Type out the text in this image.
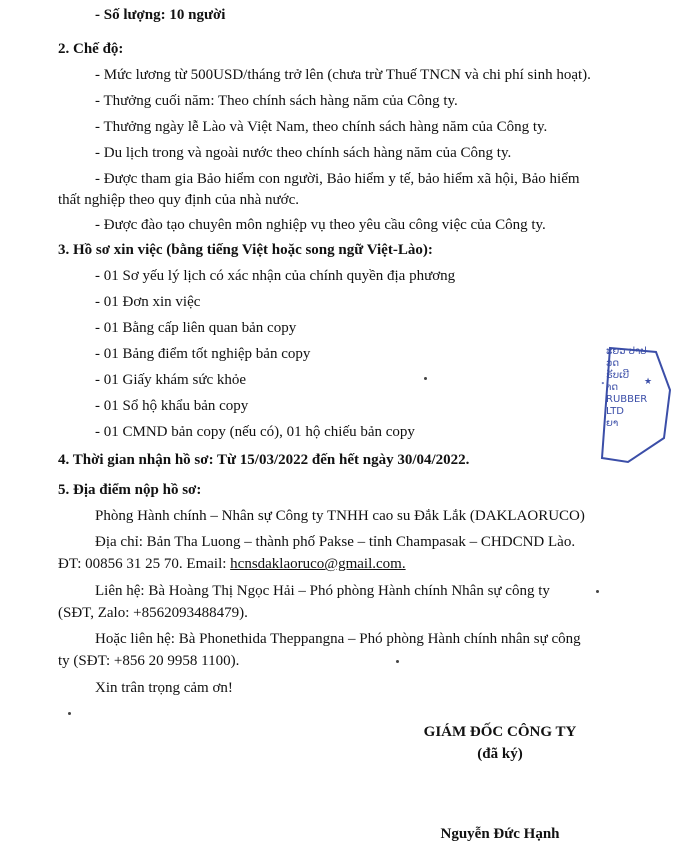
- Số lượng: 10 người
2. Chế độ:
- Mức lương từ 500USD/tháng trở lên (chưa trừ Thuế TNCN và chi phí sinh hoạt).
- Thưởng cuối năm: Theo chính sách hàng năm của Công ty.
- Thưởng ngày lễ Lào và Việt Nam, theo chính sách hàng năm của Công ty.
- Du lịch trong và ngoài nước theo chính sách hàng năm của Công ty.
- Được tham gia Bảo hiểm con người, Bảo hiểm y tế, bảo hiểm xã hội, Bảo hiểm
thất nghiệp theo quy định của nhà nước.
- Được đào tạo chuyên môn nghiệp vụ theo yêu cầu công việc của Công ty.
3. Hồ sơ xin việc (bằng tiếng Việt hoặc song ngữ Việt-Lào):
- 01 Sơ yếu lý lịch có xác nhận của chính quyền địa phương
- 01 Đơn xin việc
- 01 Bằng cấp liên quan bản copy
- 01 Bảng điểm tốt nghiệp bản copy
- 01 Giấy khám sức khỏe
- 01 Sổ hộ khẩu bản copy
- 01 CMND bản copy (nếu có), 01 hộ chiếu bản copy
4. Thời gian nhận hồ sơ: Từ 15/03/2022 đến hết ngày 30/04/2022.
5. Địa điểm nộp hồ sơ:
Phòng Hành chính – Nhân sự Công ty TNHH cao su Đắk Lắk (DAKLAORUCO)
Địa chỉ: Bản Tha Luong – thành phố Pakse – tỉnh Champasak – CHDCND Lào.
ĐT: 00856 31 25 70. Email: hcnsdaklaoruco@gmail.com.
Liên hệ: Bà Hoàng Thị Ngọc Hải – Phó phòng Hành chính Nhân sự công ty
(SĐT, Zalo: +8562093488479).
Hoặc liên hệ: Bà Phonethida Theppangna – Phó phòng Hành chính nhân sự công
ty (SĐT: +856 20 9958 1100).
Xin trân trọng cảm ơn!
GIÁM ĐỐC CÔNG TY
(đã ký)
Nguyễn Đức Hạnh
★
ະຍວ ປາປ
ວດ
ຣັບເບີ
ຳດ
RUBBER
LTD
ຍາ
